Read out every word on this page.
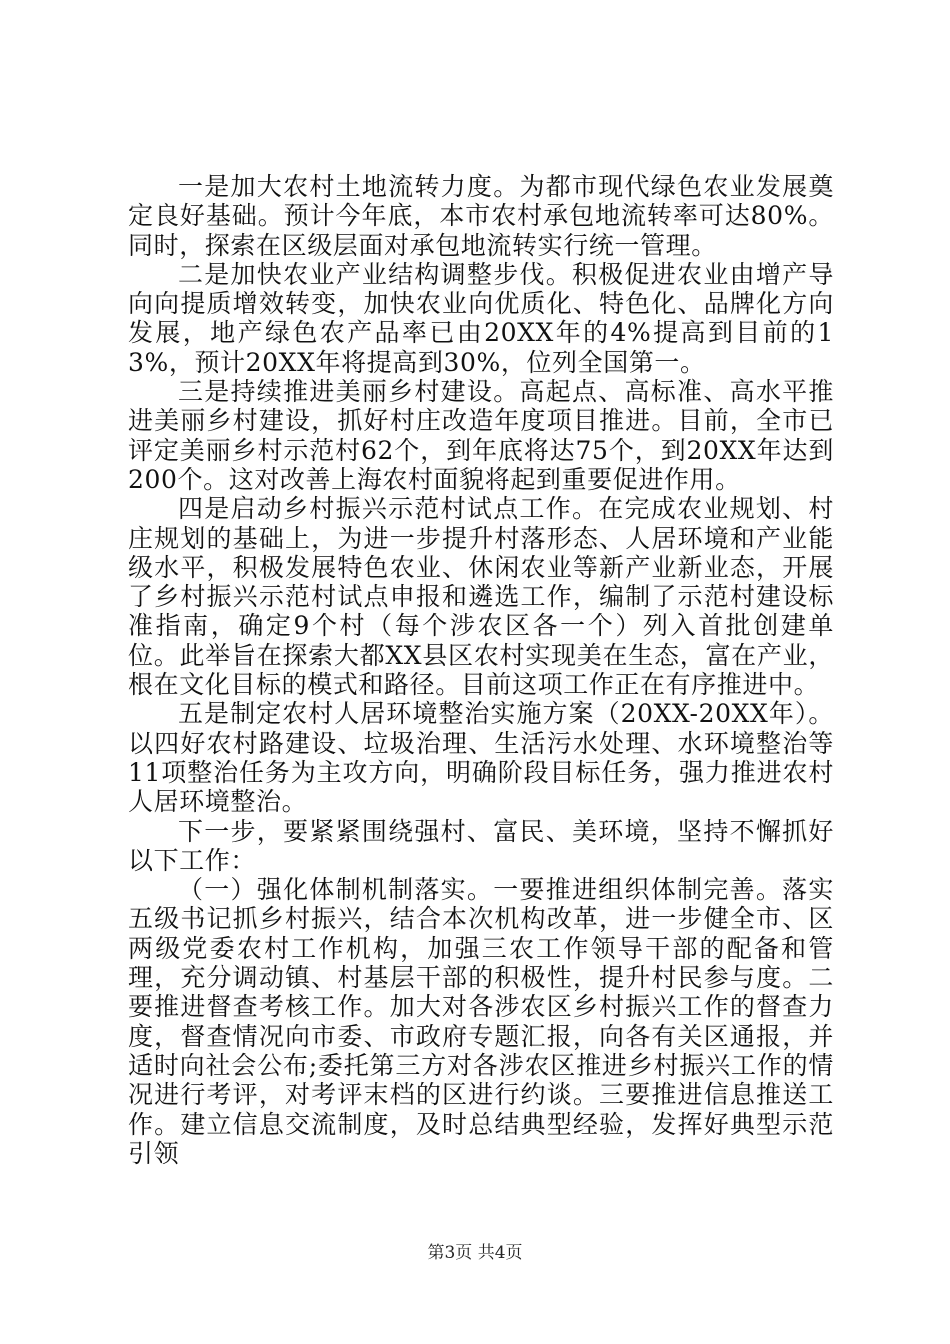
一是加大农村土地流转力度。为都市现代绿色农业发展奠定良好基础。预计今年底，本市农村承包地流转率可达80%。同时，探索在区级层面对承包地流转实行统一管理。

二是加快农业产业结构调整步伐。积极促进农业由增产导向向提质增效转变，加快农业向优质化、特色化、品牌化方向发展，地产绿色农产品率已由20XX年的4%提高到目前的13%，预计20XX年将提高到30%，位列全国第一。

三是持续推进美丽乡村建设。高起点、高标准、高水平推进美丽乡村建设，抓好村庄改造年度项目推进。目前，全市已评定美丽乡村示范村62个，到年底将达75个，到20XX年达到200个。这对改善上海农村面貌将起到重要促进作用。

四是启动乡村振兴示范村试点工作。在完成农业规划、村庄规划的基础上，为进一步提升村落形态、人居环境和产业能级水平，积极发展特色农业、休闲农业等新产业新业态，开展了乡村振兴示范村试点申报和遴选工作，编制了示范村建设标准指南，确定9个村（每个涉农区各一个）列入首批创建单位。此举旨在探索大都XX县区农村实现美在生态，富在产业，根在文化目标的模式和路径。目前这项工作正在有序推进中。

五是制定农村人居环境整治实施方案（20XX-20XX年）。以四好农村路建设、垃圾治理、生活污水处理、水环境整治等11项整治任务为主攻方向，明确阶段目标任务，强力推进农村人居环境整治。

下一步，要紧紧围绕强村、富民、美环境，坚持不懈抓好以下工作：

（一）强化体制机制落实。一要推进组织体制完善。落实五级书记抓乡村振兴，结合本次机构改革，进一步健全市、区两级党委农村工作机构，加强三农工作领导干部的配备和管理，充分调动镇、村基层干部的积极性，提升村民参与度。二要推进督查考核工作。加大对各涉农区乡村振兴工作的督查力度，督查情况向市委、市政府专题汇报，向各有关区通报，并适时向社会公布;委托第三方对各涉农区推进乡村振兴工作的情况进行考评，对考评末档的区进行约谈。三要推进信息推送工作。建立信息交流制度，及时总结典型经验，发挥好典型示范引领

第3页 共4页
